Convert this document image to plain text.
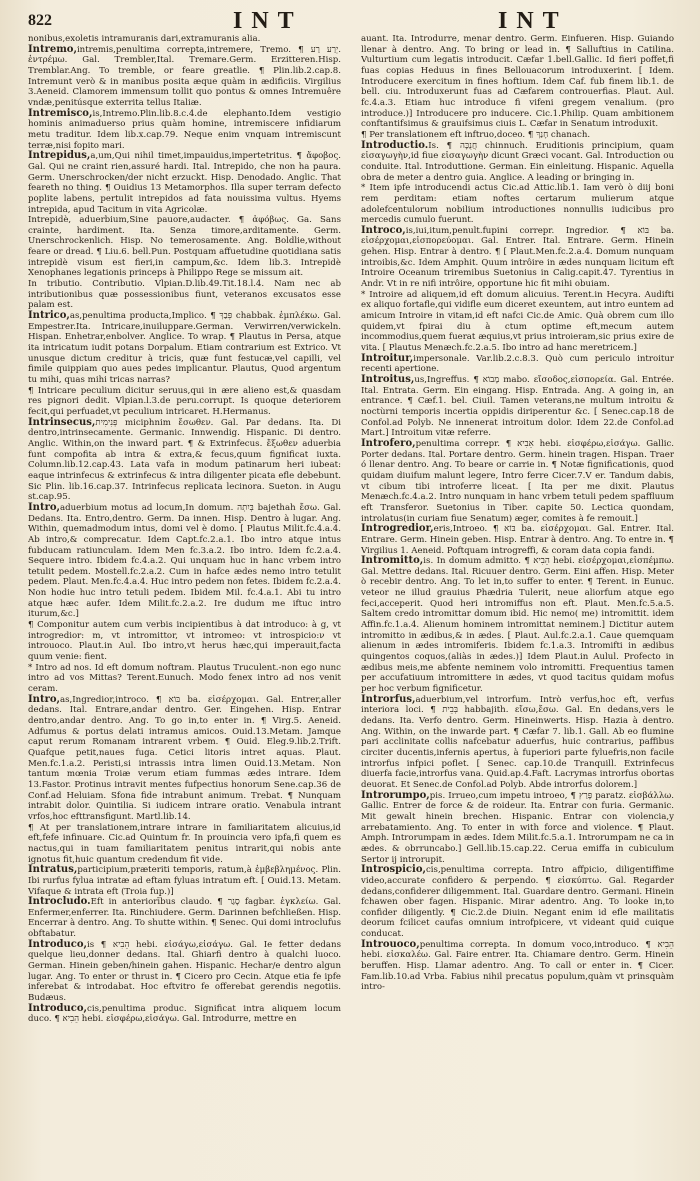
822	INT	INT

nonibus,exoletis intramuranis dari,extramuranis alia.

Intremo,intremis,penultima correpta,intremere, Tremo. ¶ יְרַע רַע. ἐντρέμω. Gal. Trembler,Ital. Tremare.Germ. Erzitteren.Hisp. Tremblar.Ang. To tremble, or feare greatlie. ¶ Plin.lib.2.cap.8. Intremunt verò & in manibus posita æque quàm in ædificiis. Virgilius 3.Aeneid. Clamorem immensum tollit quo pontus & omnes Intremuêre vndæ,penitúsque exterrita tellus Italiæ.

Intremisco,is,Intremo.Plin.lib.8.c.4.de elephanto.Idem vestigio hominis animaduerso prius quàm homine, intremiscere infidiarum metu traditur. Idem lib.x.cap.79. Neque enim vnquam intremiscunt terræ,nisi fopito mari.

Intrepidus,a,um,Qui nihil timet,impauidus,impertetritus. ¶ ἄφοβος. Gal. Qui ne craint rien,assuré hardi. Ital. Intrepido, che non ha paura. Germ. Unerschrocken/der nicht erzuckt. Hisp. Denodado. Anglic. That feareth no thing. ¶ Ouidius 13 Metamorphos. Illa super terram defecto poplite labens, pertulit intrepidos ad fata nouissima vultus. Hyems intrepida, apud Tacitum in vita Agricolæ.

Intrepidè, aduerbium,Sine pauore,audacter. ¶ ἀφόβως. Ga. Sans crainte, hardiment. Ita. Senza timore,arditamente. Germ. Unerschrockenlich. Hisp. No temerosamente. Ang. Boldlie,without feare or dread. ¶ Liu.6. bell.Pun. Postquam affuetudine quotidiana satis intrepidè visum est fieri,in campum,&c. Idem lib.3. Intrepidè Xenophanes legationis princeps à Philippo Rege se missum ait.

In tributio. Contributio. Vlpian.D.lib.49.Tit.18.l.4. Nam nec ab intributionibus quæ possessionibus fiunt, veteranos excusatos esse palam est.

Intrico,as,penultima producta,Implico. ¶ פְּבַךְ chabbak. ἐμπλέκω. Gal. Empestrer.Ita. Intricare,inuiluppare.German. Verwirren/verwickeln. Hispan. Enhetrar,enbolver. Anglice. To wrap. ¶ Plautus in Persa, atque ita intricatum iudit potans Dorpalum. Etiam contrarium est Extrico. Vt unusque dictum creditur à tricis, quæ funt festucæ,vel capilli, vel fimile quippiam quo aues pedes implicantur. Plautus, Quod argentum tu mihi, quas mihi tricas narras?

¶ Intricare peculium dicitur seruus,qui in ære alieno est,& quasdam res pignori dedit. Vlpian.l.3.de peru.corrupt. Is quoque deteriorem fecit,qui perfuadet,vt peculium intricaret. H.Hermanus.

Intrinsecus,פְּנִימִית miciphnim ἔσωθεν. Gal. Par dedans. Ita. Di dentro,intrinsecamente. Germanic. Innwendig. Hispanic. Di dentro. Anglic. Within,on the inward part. ¶ & Extrinfecus. ἔξωθεν aduerbia funt compofita ab intra & extra,& fecus,quum fignificat iuxta. Column.lib.12.cap.43. Lata vafa in modum patinarum heri iubeat: eaque intrinfecus & extrinfecus & intra diligenter picata efle debebunt. Sic Plin. lib.16.cap.37. Intrinfecus replicata lecinora. Sueton. in Augu st.cap.95.

Intro,aduerbium motus ad locum,In domum. בְּיִתְה bajethah ἔσω. Gal. Dedans. Ita. Entro,dentro. Germ. Da innen. Hisp. Dentro à lugar. Ang. Within, quemadmodum intus, domi vel è domo. [ Plautus Milit.fc.4.a.4. Ab intro,& comprecatur. Idem Capt.fc.2.a.1. Ibo intro atque intus fubducam ratiunculam. Idem Men fc.3.a.2. Ibo intro. Idem fc.2.a.4. Sequere intro. Ibidem fc.4.a.2. Qui unquam huc in hanc vrbem intro tetulit pedem. Mostell.fc.2.a.2. Cum in hafce ædes nemo intro tetulit pedem. Plaut. Men.fc.4.a.4. Huc intro pedem non fetes. Ibidem fc.2.a.4. Non hodie huc intro tetuli pedem. Ibidem Mil. fc.4.a.1. Abi tu intro atque hæc aufer. Idem Milit.fc.2.a.2. Ire dudum me iftuc intro iturum,&c.]

¶ Componitur autem cum verbis incipientibus à dat introduco: à g, vt introgredior: m, vt intromittor, vt intromeo: vt introspicio:ν vt introuoco. Plaut.in Aul. Ibo intro,vt herus hæc,qui imperauit,facta quum venie: fient.

* Intro ad nos. Id eft domum noftram. Plautus Truculent.-non ego nunc intro ad vos Mittas? Terent.Eunuch. Modo fenex intro ad nos venit ceram.

Intro,as,Ingredior,introco. ¶ בּוֹא ba. εἰσέρχομαι. Gal. Entrer,aller dedans. Ital. Entrare,andar dentro. Ger. Eingehen. Hisp. Entrar dentro,andar dentro. Ang. To go in,to enter in. ¶ Virg.5. Aeneid. Adfumus & portus delati intramus amicos. Ouid.13.Metam. Jamque caput rerum Romanam intrarent vrbem. ¶ Ouid. Eleg.9.lib.2.Trift. Quafque petit,naues fuga. Cetici litoris intret aquas. Plaut. Men.fc.1.a.2. Peristi,si intrassis intra limen Ouid.13.Metam. Non tantum mœnia Troiæ verum etiam fummas ædes intrare. Idem 13.Fastor. Protinus intravit mentes fufpectius honorum Sene.cap.36 de Conf.ad Heluiam. Sfona fide intrabunt animum. Trebat. ¶ Nunquam intrabit dolor. Quintilia. Si iudicem intrare oratio. Venabula intrant vrfos,hoc efttransfigunt. Martl.lib.14.

¶ At per translationem,intrare intrare in familiaritatem alicuius,id eft,fefe infinuare. Cic.ad Quintum fr. In prouincia vero ipfa,fi quem es nactus,qui in tuam familiaritatem penitus intrarit,qui nobis ante ignotus fit,huic quantum credendum fit vide.

Intratus,participium,præteriti temporis, ratum,à ἐμβεβλημένος. Plin. Ibi rurfus fylua intratæ ad eftam fyluas intratum eft. [ Ouid.13. Metam. Vifaque & intrata eft (Troia fup.)]

Introcludo.Eft in anteriorībus claudo. ¶ סָגַר fagbar. ἐγκλείω. Gal. Enfermer,enferrer. Ita. Rinchiudere. Germ. Darinnen befchließen. Hisp. Encerrar à dentro. Ang. To shutte within. ¶ Senec. Qui domi introclufus obftabatur.

Introduco,is ¶ הֵבִיא hebi. εἰσάγω,εἰσάγω. Gal. Ie fetter dedans quelque lieu,donner dedans. Ital. Ghiarfi dentro à qualchi luoco. German. Hinein geben/hinein gahen. Hispanic. Hechar/e dentro algun lugar. Ang. To enter or thrust in. ¶ Cicero pro Cecin. Atque etia fe ipfe inferebat & introdabat. Hoc eftvitro fe offerebat gerendis negotiis. Budæus.

Introduco,cis,penultima produc. Significat intra aliquem locum duco. ¶ הֵבִיא hebi. εἰσφέρω,εἰσάγω. Gal. Introdurre, mettre en

auant. Ita. Introdurre, menar dentro. Germ. Einfueren. Hisp. Guiando llenar à dentro. Ang. To bring or lead in. ¶ Salluftius in Catilina. Vulturtium cum legatis introducit. Cæfar 1.bell.Gallic. Id fieri poffet,fi fuas copias Heduus in fines Bellouacorum introduxerint. [ Idem. Introducere exercitum in fines hoftium. Idem Caf. fub finem lib.1. de bell. ciu. Introduxerunt fuas ad Cæfarem controuerfias. Plaut. Aul. fc.4.a.3. Etiam huc introduce fi vifeni gregem venalium. (pro introduce.)] Introducere pro inducere. Cic.1.Philip. Quam ambitionem conftantifsimus & grauifsimus ciuis L. Cæfar in Senatum introduxit.

¶ Per translationem eft inftruo,doceo. ¶ חָנַךְ chanach.

Introductio.Is. ¶ חֲנֻכָּה chinnuch. Eruditionis principium, quam εἰσαγωγὴν,id fiue εἰσαγωγὴν dicunt Græci vocant. Gal. Introduction ou conduite. Ital. Introduttione. German. Ein einleitung. Hispanic. Aquella obra de meter a dentro guia. Anglice. A leading or bringing in.

* Item ipfe introducendi actus Cic.ad Attic.lib.1. Iam verò ò diij boni rem perditam: etiam noftes certarum mulierum atque adolefcentulorum nobilium introductiones nonnullis iudicibus pro mercedis cumulo fuerunt.

Introco,is,iui,itum,penult.fupini correpr. Ingredior. ¶ בּוֹא ba. εἰσέρχομαι,εἰσπορεύομαι. Gal. Entrer. Ital. Entrare. Germ. Hinein gehen. Hisp. Entrar à dentro. ¶ [ Plaut.Men.fc.2.a.4. Domum nunquam introibis,&c. Idem Amphit. Quum intrôire in ædes nunquam licitum eft Introire Oceanum triremibus Suetonius in Calig.capit.47. Tyrentius in Andr. Vt in re nifi intrôire, opportune hic fit mihi obuiam.

* Introire ad aliquem,id eft domum alicuius. Terent.in Hecyra. Audifti ex aliquo fortafle,qui vidifle eum diceret exeuntem, aut intro euntem ad amicum Introire in vitam,id eft nafci Cic.de Amic. Quà obrem cum illo quidem,vt fpirai diu à ctum optime eft,mecum autem incommodius,quem fuerat æquius,vt prius introieram,sic prius exire de vita. [ Plautus Menæch.fc.2.a.5. Ibo intro ad hanc meretricem.]

Introitur,impersonale. Var.lib.2.c.8.3. Quò cum periculo introitur recenti apertione.

Introitus,us,Ingreffus. ¶ מָבוֹא mabo. εἴσοδος,εἰσπορεία. Gal. Entrée. Ital. Entrata. Germ. Ein eingang. Hisp. Entrada. Ang. A going in, an entrance. ¶ Cæf.1. bel. Ciuil. Tamen veterans,ne multum introitu & noctùrni temporis incertia oppidis diriperentur &c. [ Senec.cap.18 de Confol.ad Polyb. Ne innenerat introitum dolor. Idem 22.de Confol.ad Mart.] Introitum vitæ referre.

Introfero,penultima correpr. ¶ אֵבִיא hebi. εἰσφέρω,εἰσάγω. Gallic. Porter dedans. Ital. Portare dentro. Germ. hinein tragen. Hispan. Traer ó llenar dentro. Ang. To beare or carrie in. ¶ Notæ fignificationis, quod quidam diuifum malunt legere, Intro ferre Cicer.7.V er. Tandum dabis, vt cibum tibi introferre liceat. [ Ita per me dixit. Plautus Menæch.fc.4.a.2. Intro nunquam in hanc vrbem tetuli pedem spaffluum eft Transferor. Suetonius in Tiber. capite 50. Lectica quondam, introlatus(in curiam fiue Senatum) æger, comites à fe remouit.]

Introgredior,eris,Introeo. ¶ בּוֹא ba. εἰσέρχομαι. Gal. Entrer. Ital. Entrare. Germ. Hinein geben. Hisp. Entrar à dentro. Ang. To entre in. ¶ Virgilius 1. Aeneid. Poftquam introgreffi, & coram data copia fandi.

Intromitto,is. In domum admitto. ¶ הֵבִיא hebi. εἰσέρχομαι,εἰσπέμπω. Gal. Mettre dedans. Ital. Ricuuer dentro. Germ. Eini affen. Hisp. Meter ò recebir dentro. Ang. To let in,to suffer to enter. ¶ Terent. in Eunuc. veteor ne illud grauius Phædria Tulerit, neue aliorfum atque ego feci,acceperit. Quod heri intromiffus non eft. Plaut. Men.fc.5.a.5. Saltem credo intromittar domum ibid. Hic nemo( me) intromittit. idem Affin.fc.1.a.4. Alienum hominem intromittat neminem.] Dictitur autem intromitto in ædibus,& in ædes. [ Plaut. Aul.fc.2.a.1. Caue quemquam alienum in ædes intromiferis. Ibidem fc.1.a.3. Intromifti in ædibus quingentos coquos,(aliàs in ædes.)] Idem Plaut.in Aulul. Profecto in ædibus meis,me abfente neminem volo intromitti. Frequentius tamen per accufatiuum intromittere in ædes, vt quod tacitus quidam mofus per hoc verbum fignificetur.

Introrfus,aduerbium,vel introrfum. Intrò verfus,hoc eft, verfus interiora loci. ¶ בְּבֵית habbajith. εἴσω,ἔσω. Gal. En dedans,vers le dedans. Ita. Verfo dentro. Germ. Hineinwerts. Hisp. Hazia à dentro. Ang. Within, on the inwarde part. ¶ Cæfar 7. lib.1. Gall. Ab eo flumine pari acclinitate collis nafcebatur aduerfus, huic contrarius, paffibus circiter ducentis,infernis apertus, à fuperiori parte fyluefris,non facile introrfus infpici poflet. [ Senec. cap.10.de Tranquill. Extrinfecus diuerfa facie,introrfus vana. Quid.ap.4.Faft. Lacrymas introrfus obortas deuorat. Et Senec.de Confol.ad Polyb. Abde introrfus dolorem.]

Introrumpo,pis. Irrueo,cum impetu introeo, ¶ פָּרַץ paratz. εἰσβάλλω. Gallic. Entrer de force & de roideur. Ita. Entrar con furia. Germanic. Mit gewalt hinein brechen. Hispanic. Entrar con violencia,y arrebatamiento. Ang. To enter in with force and violence. ¶ Plaut. Amph. Introrumpam in ædes. Idem Milit.fc.5.a.1. Introrumpam ne ca in ædes. & obrruncabo.] Gell.lib.15.cap.22. Cerua emiffa in cubiculum Sertor ij introrupit.

Introspicio,cis,penultima correpta. Intro affpicio, diligentiffime video,accurate confidero & perpendo. ¶ εἰσκύπτω. Gal. Regarder dedans,confiderer diligemment. Ital. Guardare dentro. Germani. Hinein fchawen ober fagen. Hispanic. Mirar adentro. Ang. To looke in,to confider diligently. ¶ Cic.2.de Diuin. Negant enim id efle mailitatis deorum fcilicet caufas omnium introfpicere, vt videant quid cuique conducat.

Introuoco,penultima correpta. In domum voco,introduco. ¶ הֵבִיא hebi. εἰσκαλέω. Gal. Faire entrer. Ita. Chiamare dentro. Germ. Hinein beruffen. Hisp. Llamar adentro. Ang. To call or enter in. ¶ Cicer. Fam.lib.10.ad Vrba. Fabius nihil precatus populum,quàm vt prinsquàm intro-
